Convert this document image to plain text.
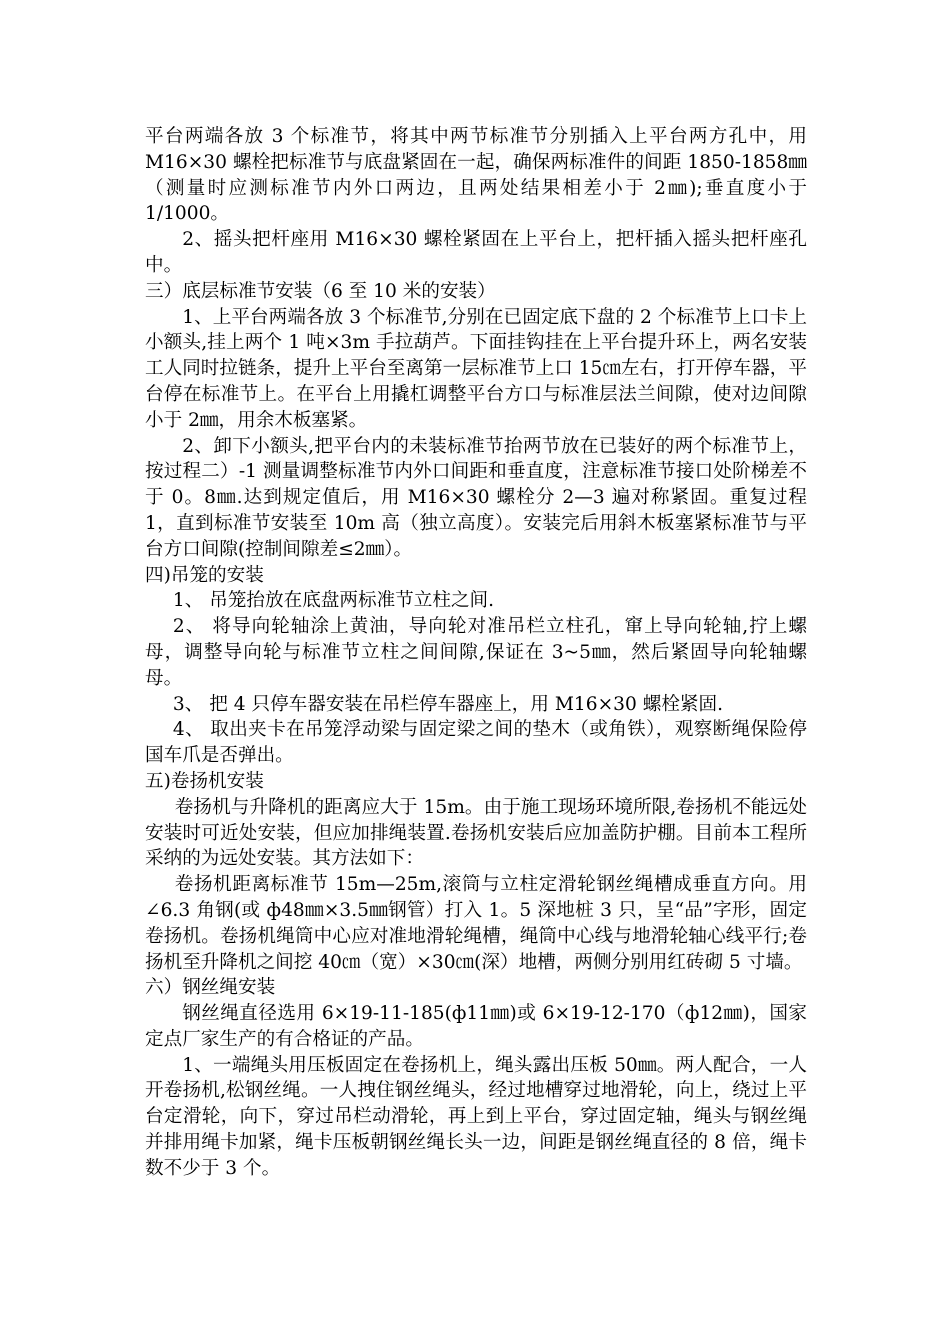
平台两端各放 3 个标准节，将其中两节标准节分别插入上平台两方孔中，用 M16×30 螺栓把标准节与底盘紧固在一起，确保两标准件的间距 1850-1858㎜（测量时应测标准节内外口两边，且两处结果相差小于 2㎜);垂直度小于 1/1000。

2、摇头把杆座用 M16×30 螺栓紧固在上平台上，把杆插入摇头把杆座孔中。

三）底层标准节安装（6 至 10 米的安装）

1、上平台两端各放 3 个标准节,分别在已固定底下盘的 2 个标准节上口卡上小额头,挂上两个 1 吨×3m 手拉葫芦。下面挂钩挂在上平台提升环上，两名安装工人同时拉链条，提升上平台至离第一层标准节上口 15㎝左右，打开停车器，平台停在标准节上。在平台上用撬杠调整平台方口与标准层法兰间隙，使对边间隙小于 2㎜，用余木板塞紧。

2、卸下小额头,把平台内的未装标准节抬两节放在已装好的两个标准节上，按过程二）-1 测量调整标准节内外口间距和垂直度，注意标准节接口处阶梯差不于 0。8㎜.达到规定值后，用 M16×30 螺栓分 2—3 遍对称紧固。重复过程 1，直到标准节安装至 10m 高（独立高度）。安装完后用斜木板塞紧标准节与平台方口间隙(控制间隙差≤2㎜）。

四)吊笼的安装

1、 吊笼抬放在底盘两标准节立柱之间.

2、 将导向轮轴涂上黄油，导向轮对准吊栏立柱孔，窜上导向轮轴,拧上螺母，调整导向轮与标准节立柱之间间隙,保证在 3~5㎜，然后紧固导向轮轴螺母。

3、 把 4 只停车器安装在吊栏停车器座上，用 M16×30 螺栓紧固.

4、 取出夹卡在吊笼浮动梁与固定梁之间的垫木（或角铁），观察断绳保险停国车爪是否弹出。

五)卷扬机安装

卷扬机与升降机的距离应大于 15m。由于施工现场环境所限,卷扬机不能远处安装时可近处安装，但应加排绳装置.卷扬机安装后应加盖防护棚。目前本工程所采纳的为远处安装。其方法如下：

卷扬机距离标准节 15m—25m,滚筒与立柱定滑轮钢丝绳槽成垂直方向。用∠6.3 角钢(或 ф48㎜×3.5㎜钢管）打入 1。5 深地桩 3 只，呈“品”字形，固定卷扬机。卷扬机绳筒中心应对准地滑轮绳槽，绳筒中心线与地滑轮轴心线平行;卷扬机至升降机之间挖 40㎝（宽）×30㎝(深）地槽，两侧分别用红砖砌 5 寸墙。

六）钢丝绳安装

钢丝绳直径选用 6×19-11-185(ф11㎜)或 6×19-12-170（ф12㎜)，国家定点厂家生产的有合格证的产品。

1、一端绳头用压板固定在卷扬机上，绳头露出压板 50㎜。两人配合，一人开卷扬机,松钢丝绳。一人拽住钢丝绳头，经过地槽穿过地滑轮，向上，绕过上平台定滑轮，向下，穿过吊栏动滑轮，再上到上平台，穿过固定轴，绳头与钢丝绳并排用绳卡加紧，绳卡压板朝钢丝绳长头一边，间距是钢丝绳直径的 8 倍，绳卡数不少于 3 个。
